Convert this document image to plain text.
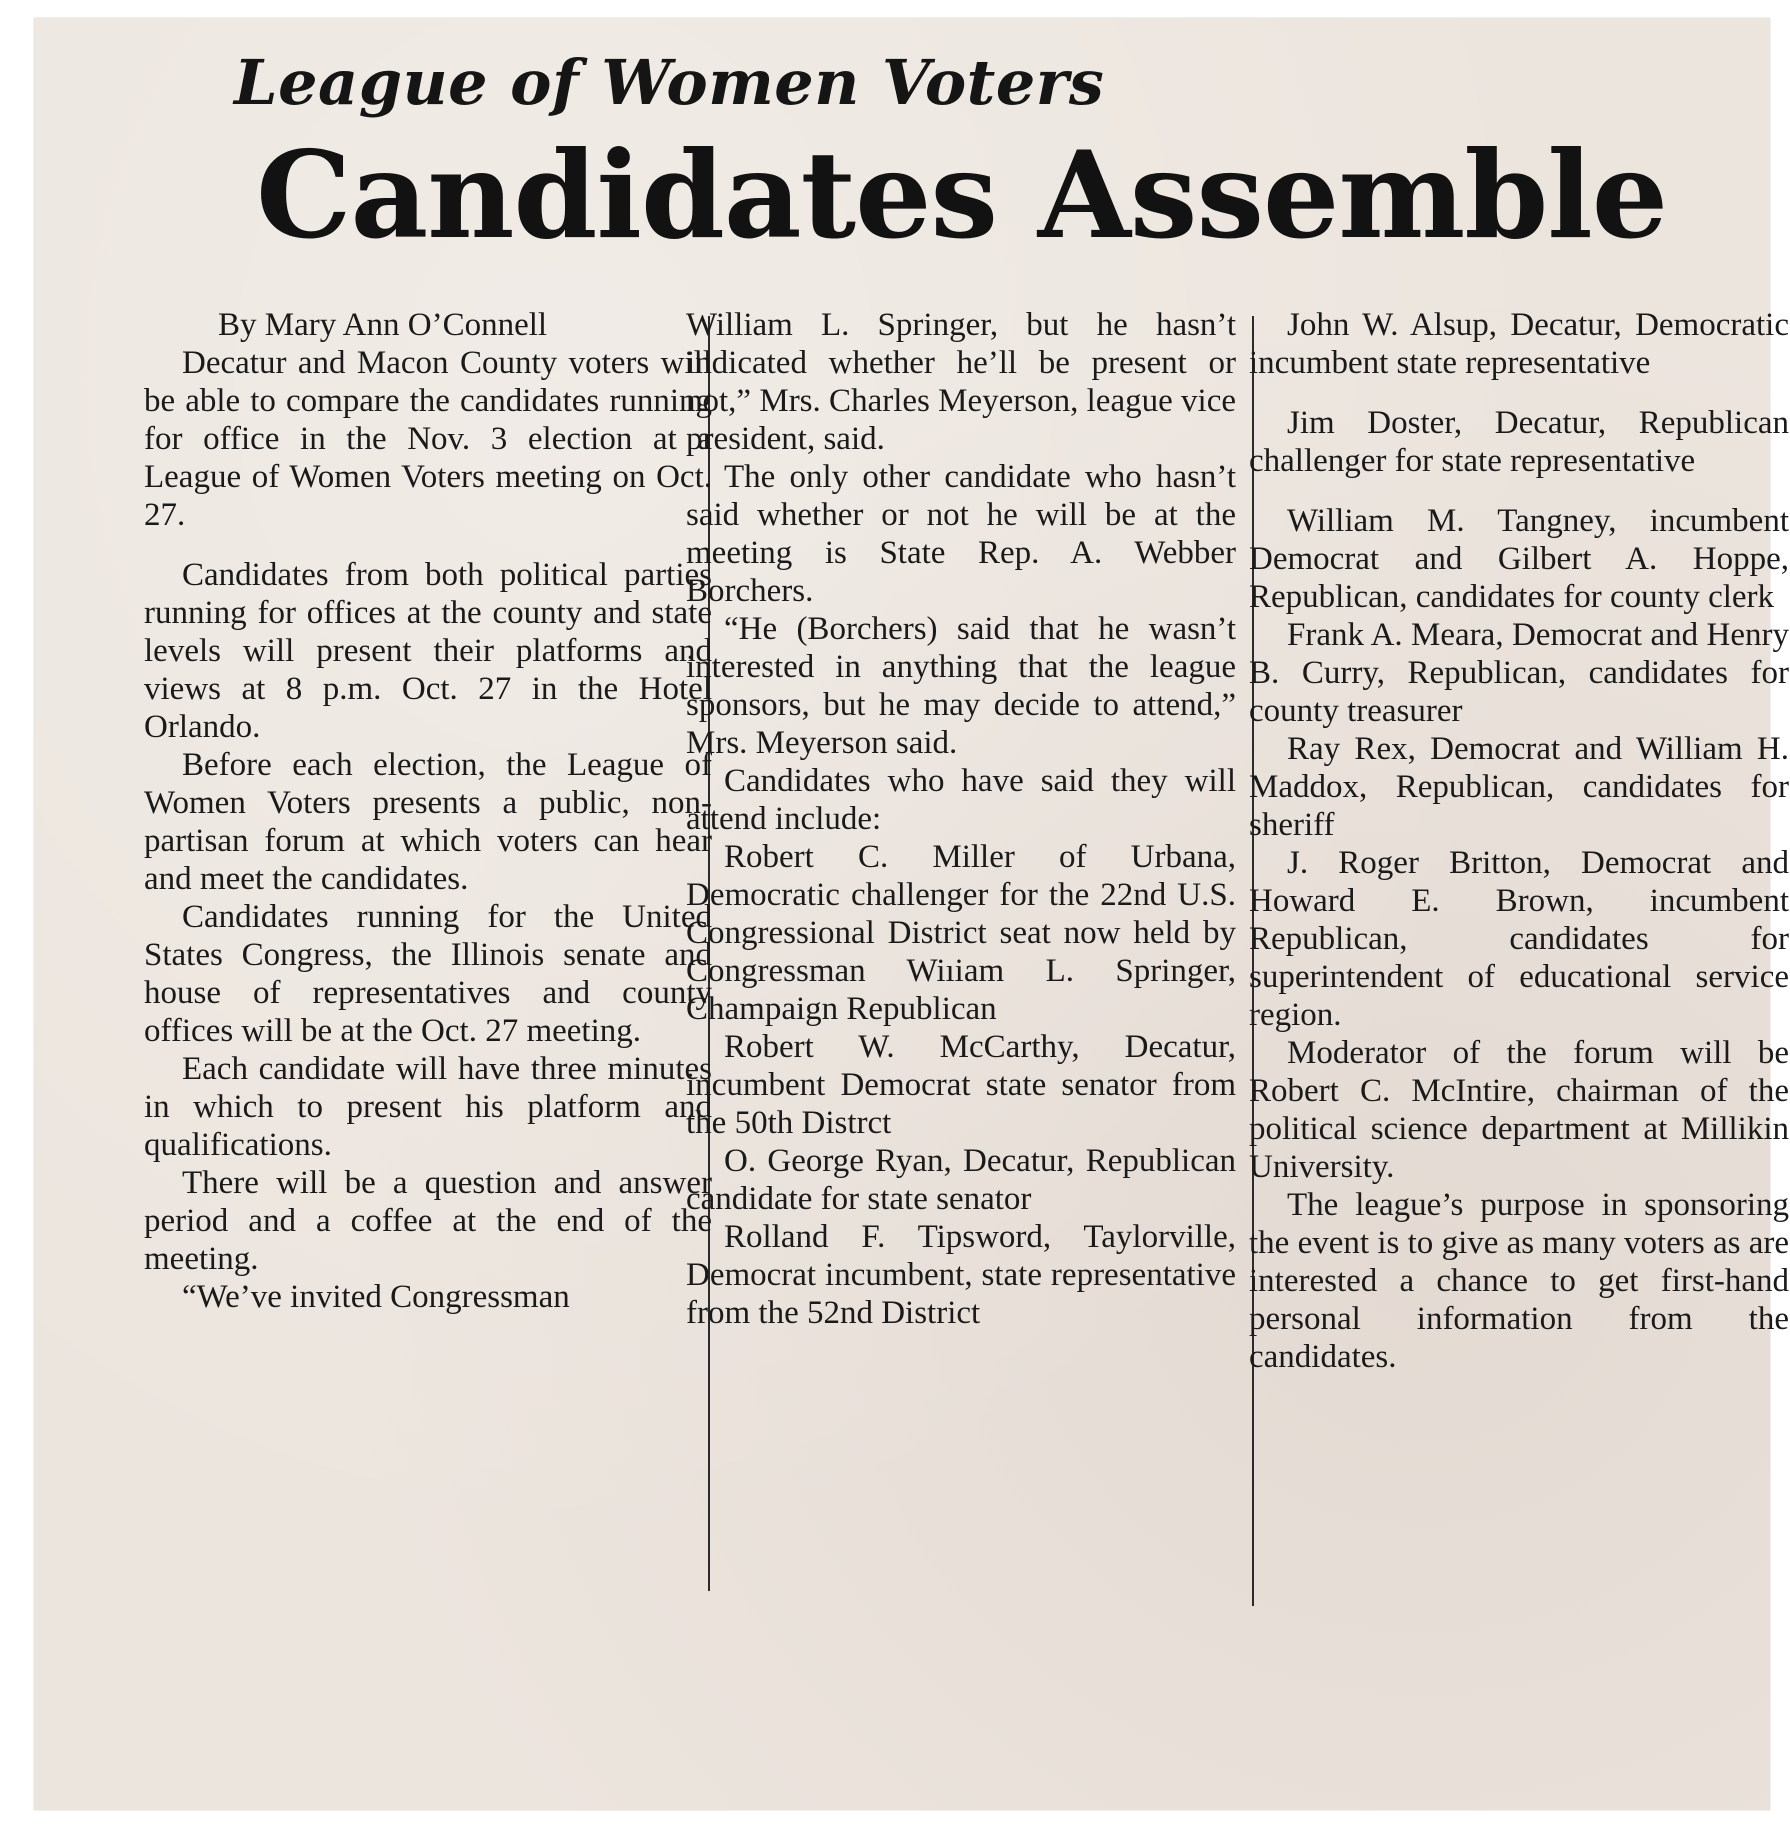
League of Women Voters
Candidates Assemble

By Mary Ann O’Connell

Decatur and Macon County voters will be able to compare the candidates running for office in the Nov. 3 election at a League of Women Voters meeting on Oct. 27.

Candidates from both political parties running for offices at the county and state levels will present their platforms and views at 8 p.m. Oct. 27 in the Hotel Orlando.

Before each election, the League of Women Voters presents a public, non-partisan forum at which voters can hear and meet the candidates.

Candidates running for the United States Congress, the Illinois senate and house of representatives and county offices will be at the Oct. 27 meeting.

Each candidate will have three minutes in which to present his platform and qualifications.

There will be a question and answer period and a coffee at the end of the meeting.

“We’ve invited Congressman

William L. Springer, but he hasn’t indicated whether he’ll be present or not,” Mrs. Charles Meyerson, league vice president, said.

The only other candidate who hasn’t said whether or not he will be at the meeting is State Rep. A. Webber Borchers.

“He (Borchers) said that he wasn’t interested in anything that the league sponsors, but he may decide to attend,” Mrs. Meyerson said.

Candidates who have said they will attend include:

Robert C. Miller of Urbana, Democratic challenger for the 22nd U.S. Congressional District seat now held by Congressman Wiıiam L. Springer, Champaign Republican

Robert W. McCarthy, Decatur, incumbent Democrat state senator from the 50th Distrct

O. George Ryan, Decatur, Republican candidate for state senator

Rolland F. Tipsword, Taylorville, Democrat incumbent, state representative from the 52nd District

John W. Alsup, Decatur, Democratic incumbent state representative

Jim Doster, Decatur, Republican challenger for state representative

William M. Tangney, incumbent Democrat and Gilbert A. Hoppe, Republican, candidates for county clerk

Frank A. Meara, Democrat and Henry B. Curry, Republican, candidates for county treasurer

Ray Rex, Democrat and William H. Maddox, Republican, candidates for sheriff

J. Roger Britton, Democrat and Howard E. Brown, incumbent Republican, candidates for superintendent of educational service region.

Moderator of the forum will be Robert C. McIntire, chairman of the political science department at Millikin University.

The league’s purpose in sponsoring the event is to give as many voters as are interested a chance to get first-hand personal information from the candidates.
